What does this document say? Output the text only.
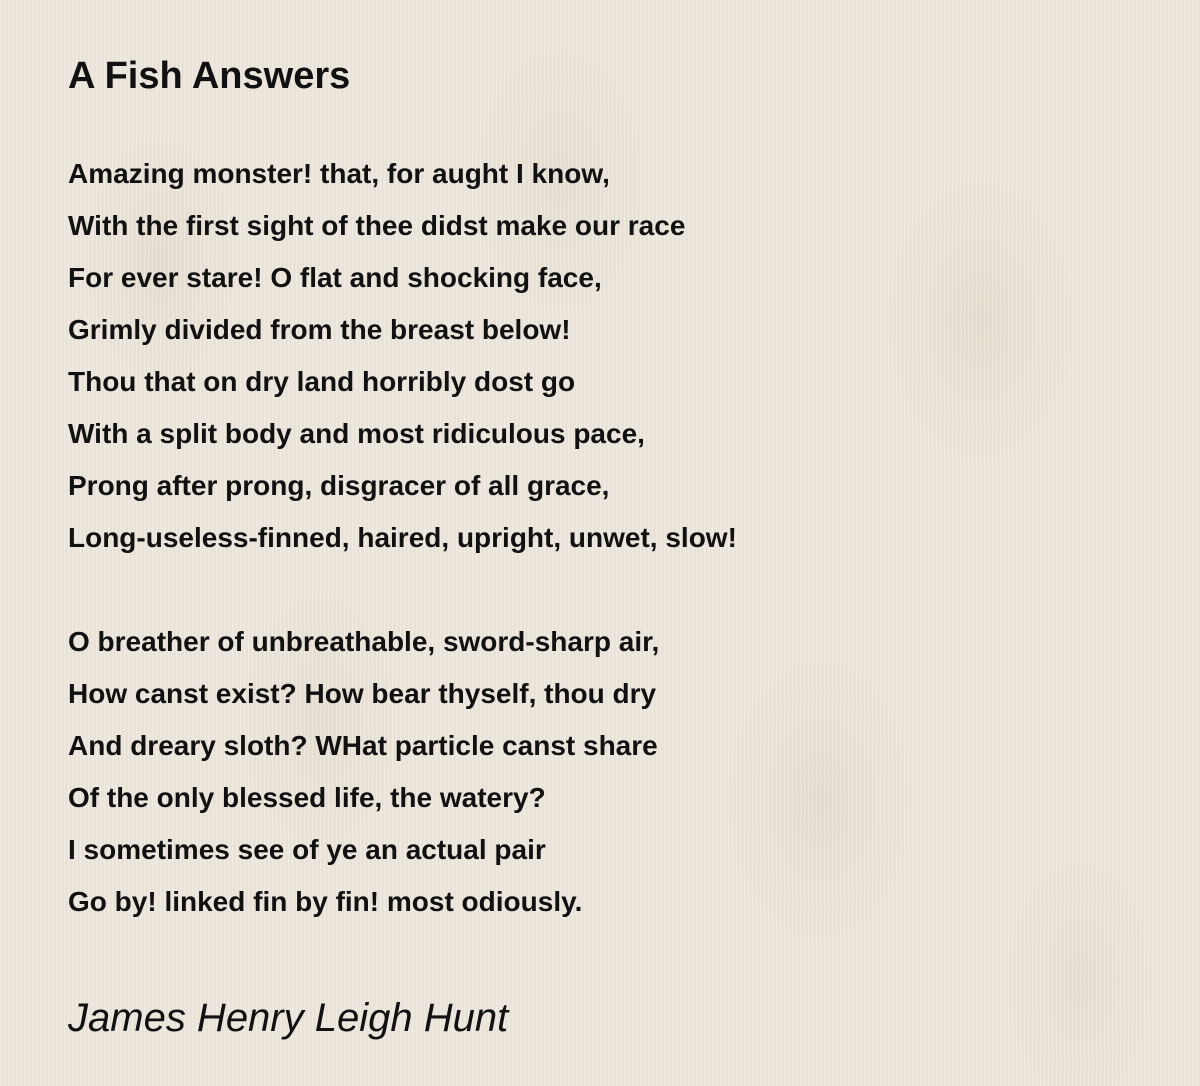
A Fish Answers

Amazing monster! that, for aught I know,
With the first sight of thee didst make our race
For ever stare! O flat and shocking face,
Grimly divided from the breast below!
Thou that on dry land horribly dost go
With a split body and most ridiculous pace,
Prong after prong, disgracer of all grace,
Long-useless-finned, haired, upright, unwet, slow!

O breather of unbreathable, sword-sharp air,
How canst exist? How bear thyself, thou dry
And dreary sloth? WHat particle canst share
Of the only blessed life, the watery?
I sometimes see of ye an actual pair
Go by! linked fin by fin! most odiously.

James Henry Leigh Hunt
